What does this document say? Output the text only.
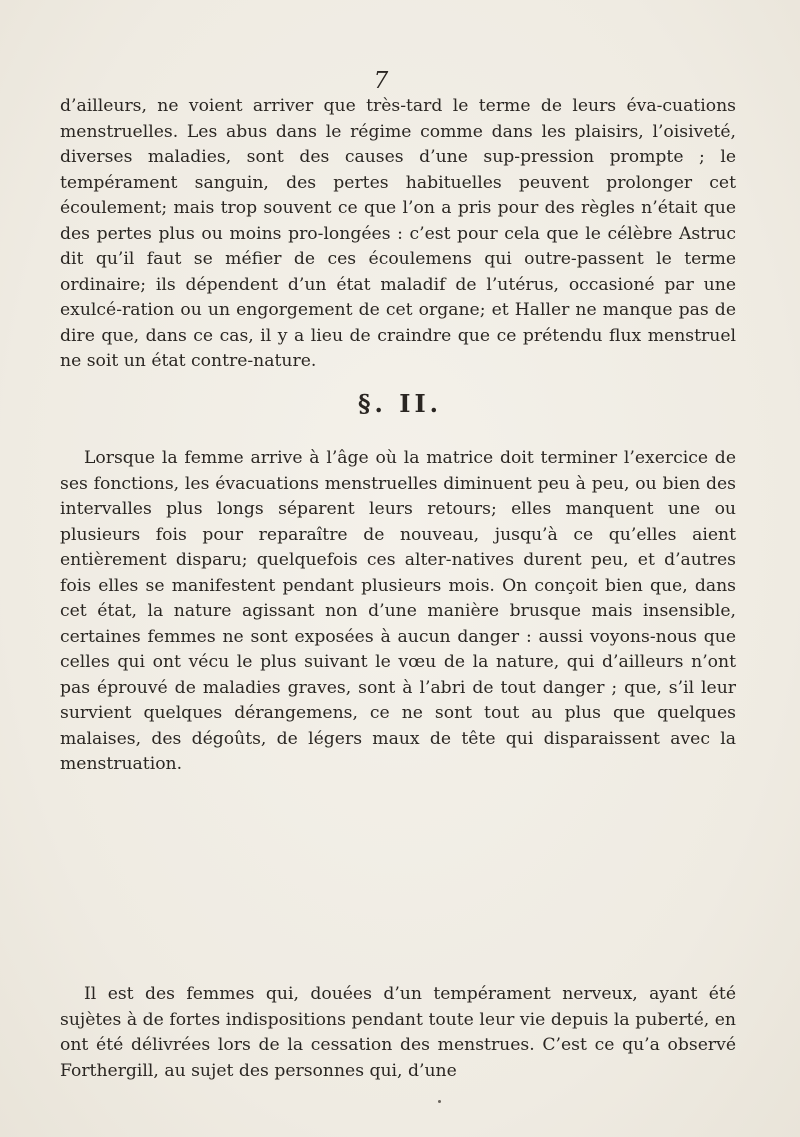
7

d’ailleurs, ne voient arriver que très-tard le terme de leurs éva-cuations menstruelles. Les abus dans le régime comme dans les plaisirs, l’oisiveté, diverses maladies, sont des causes d’une sup-pression prompte ; le tempérament sanguin, des pertes habituelles peuvent prolonger cet écoulement; mais trop souvent ce que l’on a pris pour des règles n’était que des pertes plus ou moins pro-longées : c’est pour cela que le célèbre Astruc dit qu’il faut se méfier de ces écoulemens qui outre-passent le terme ordinaire; ils dépendent d’un état maladif de l’utérus, occasioné par une exulcé-ration ou un engorgement de cet organe; et Haller ne manque pas de dire que, dans ce cas, il y a lieu de craindre que ce prétendu flux menstruel ne soit un état contre-nature.

§. II.

Lorsque la femme arrive à l’âge où la matrice doit terminer l’exercice de ses fonctions, les évacuations menstruelles diminuent peu à peu, ou bien des intervalles plus longs séparent leurs retours; elles manquent une ou plusieurs fois pour reparaître de nouveau, jusqu’à ce qu’elles aient entièrement disparu; quelquefois ces alter-natives durent peu, et d’autres fois elles se manifestent pendant plusieurs mois. On conçoit bien que, dans cet état, la nature agissant non d’une manière brusque mais insensible, certaines femmes ne sont exposées à aucun danger : aussi voyons-nous que celles qui ont vécu le plus suivant le vœu de la nature, qui d’ailleurs n’ont pas éprouvé de maladies graves, sont à l’abri de tout danger ; que, s’il leur survient quelques dérangemens, ce ne sont tout au plus que quelques malaises, des dégoûts, de légers maux de tête qui disparaissent avec la menstruation.

Il est des femmes qui, douées d’un tempérament nerveux, ayant été sujètes à de fortes indispositions pendant toute leur vie depuis la puberté, en ont été délivrées lors de la cessation des menstrues. C’est ce qu’a observé Forthergill, au sujet des personnes qui, d’une
